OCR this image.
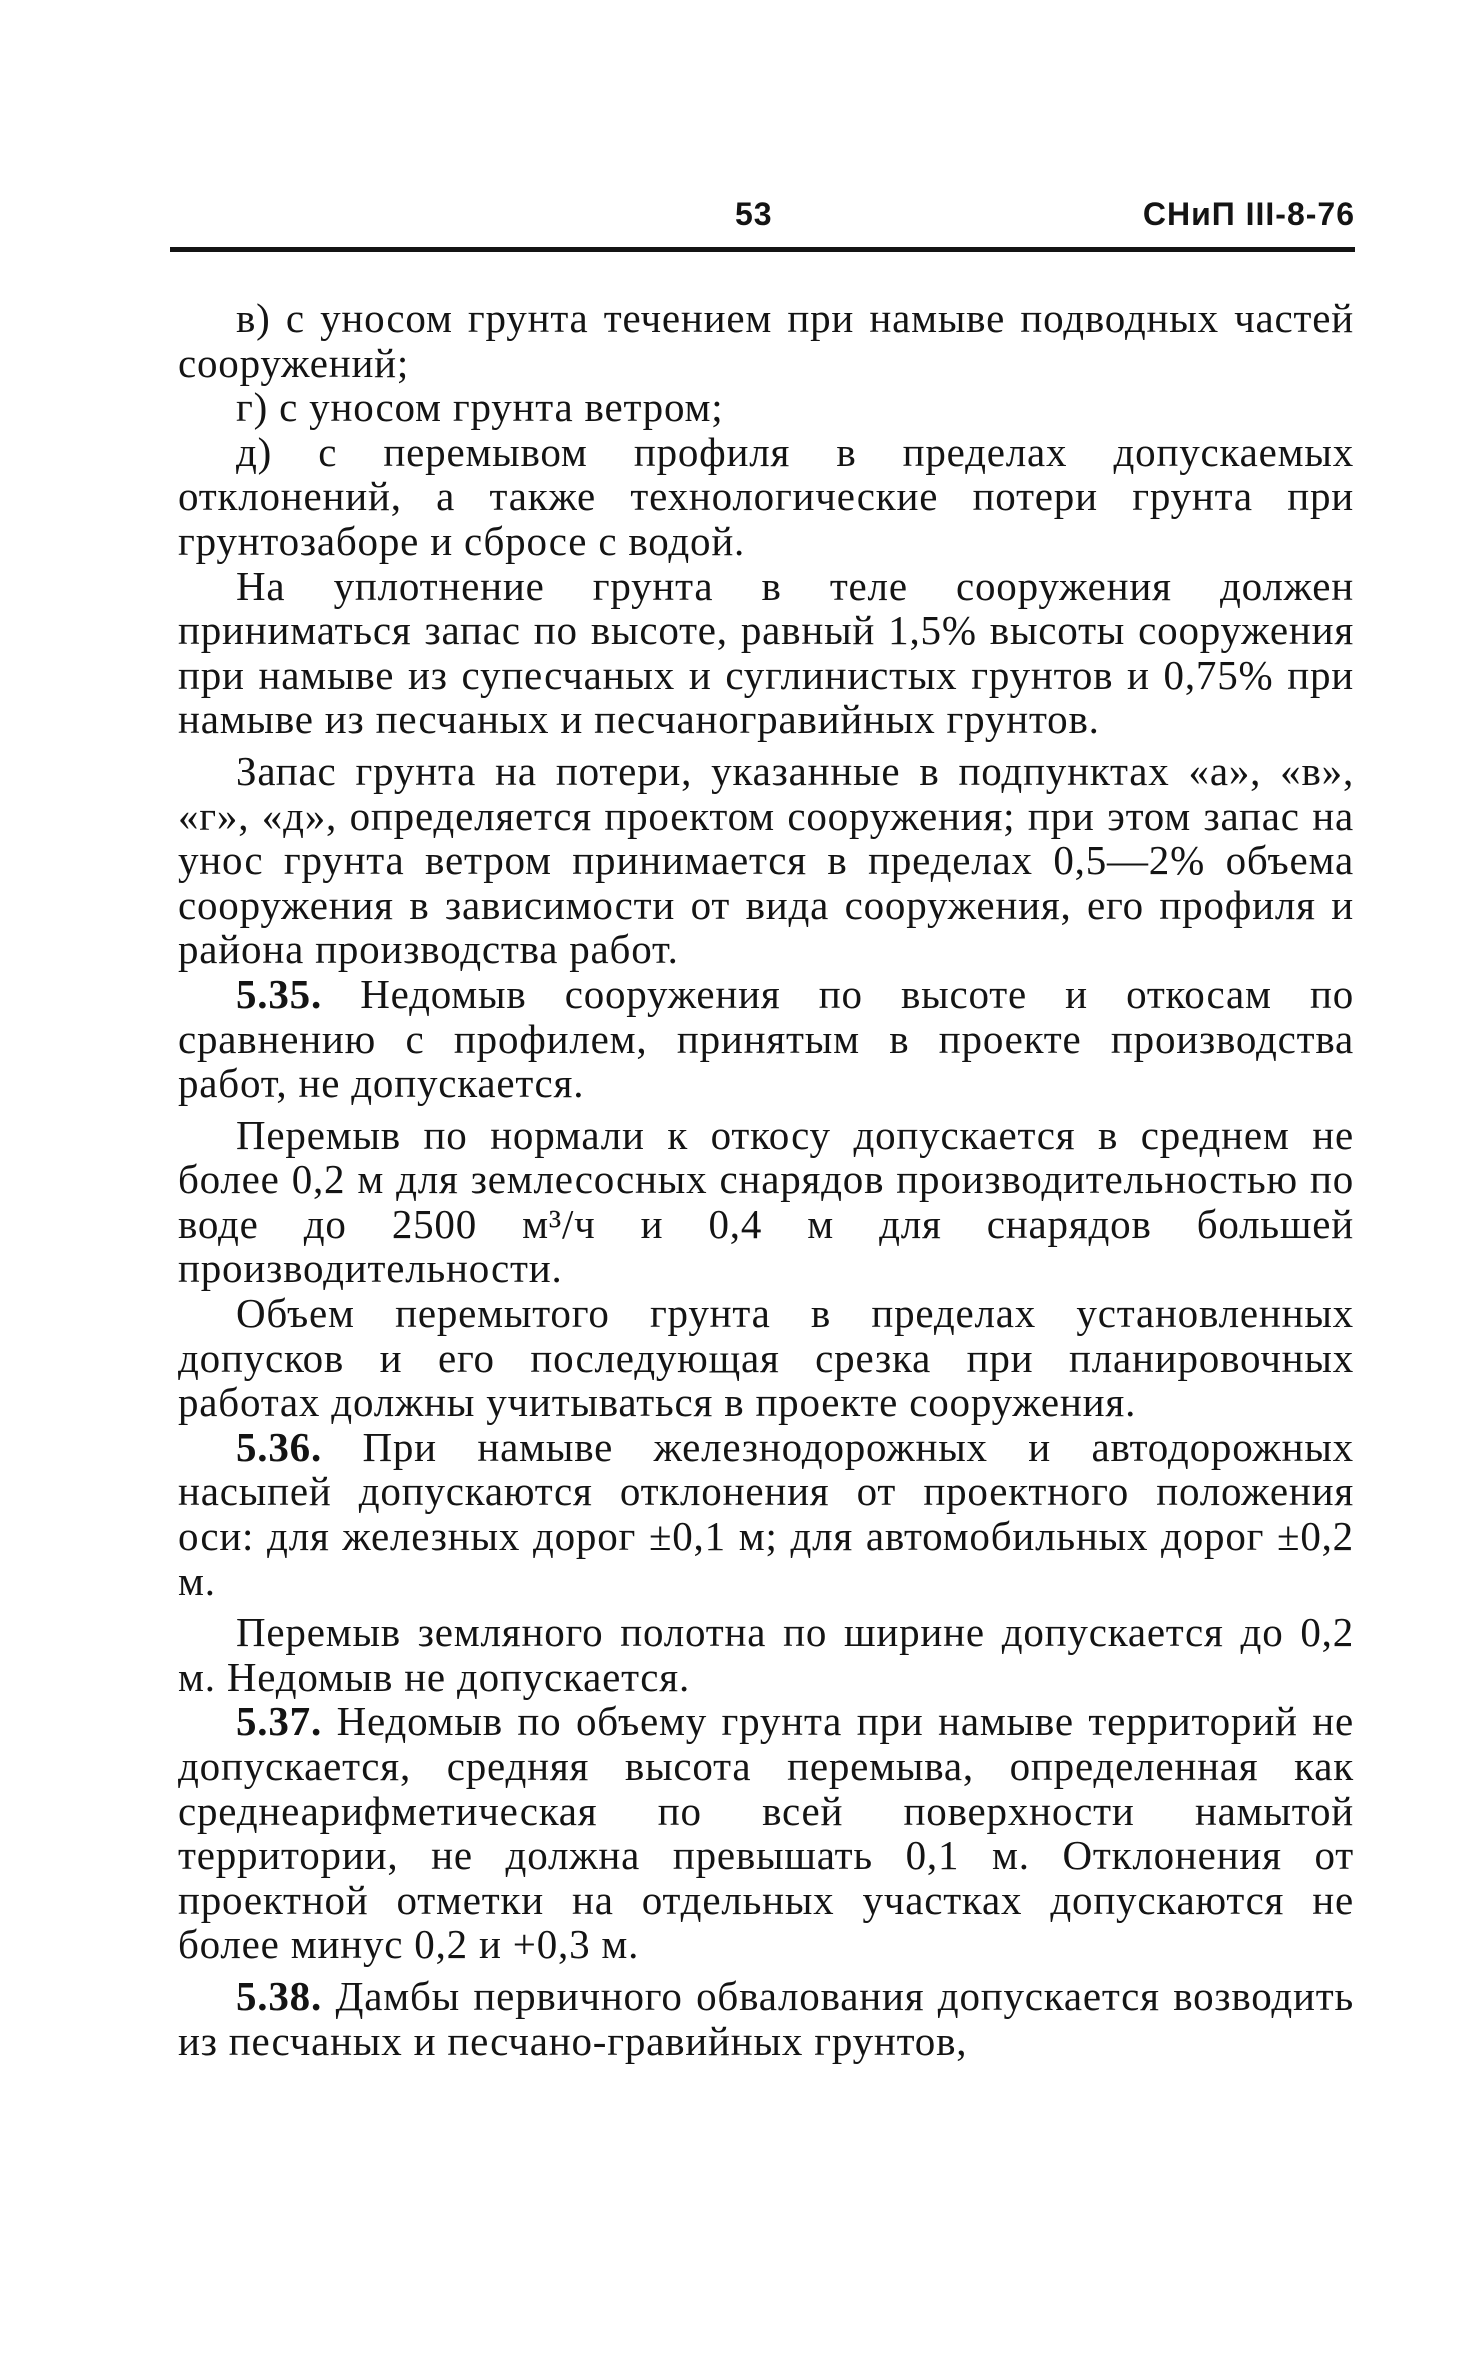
53	СНиП III-8-76

в) с уносом грунта течением при намыве подводных частей сооружений;

г) с уносом грунта ветром;

д) с перемывом профиля в пределах допускаемых отклонений, а также технологические потери грунта при грунтозаборе и сбросе с водой.

На уплотнение грунта в теле сооружения должен приниматься запас по высоте, равный 1,5% высоты сооружения при намыве из супесчаных и суглинистых грунтов и 0,75% при намыве из песчаных и песчаногравийных грунтов.

Запас грунта на потери, указанные в подпунктах «а», «в», «г», «д», определяется проектом сооружения; при этом запас на унос грунта ветром принимается в пределах 0,5—2% объема сооружения в зависимости от вида сооружения, его профиля и района производства работ.

5.35. Недомыв сооружения по высоте и откосам по сравнению с профилем, принятым в проекте производства работ, не допускается.

Перемыв по нормали к откосу допускается в среднем не более 0,2 м для землесосных снарядов производительностью по воде до 2500 м³/ч и 0,4 м для снарядов большей производительности.

Объем перемытого грунта в пределах установленных допусков и его последующая срезка при планировочных работах должны учитываться в проекте сооружения.

5.36. При намыве железнодорожных и автодорожных насыпей допускаются отклонения от проектного положения оси: для железных дорог ±0,1 м; для автомобильных дорог ±0,2 м.

Перемыв земляного полотна по ширине допускается до 0,2 м. Недомыв не допускается.

5.37. Недомыв по объему грунта при намыве территорий не допускается, средняя высота перемыва, определенная как среднеарифметическая по всей поверхности намытой территории, не должна превышать 0,1 м. Отклонения от проектной отметки на отдельных участках допускаются не более минус 0,2 и +0,3 м.

5.38. Дамбы первичного обвалования допускается возводить из песчаных и песчано-гравийных грунтов,
